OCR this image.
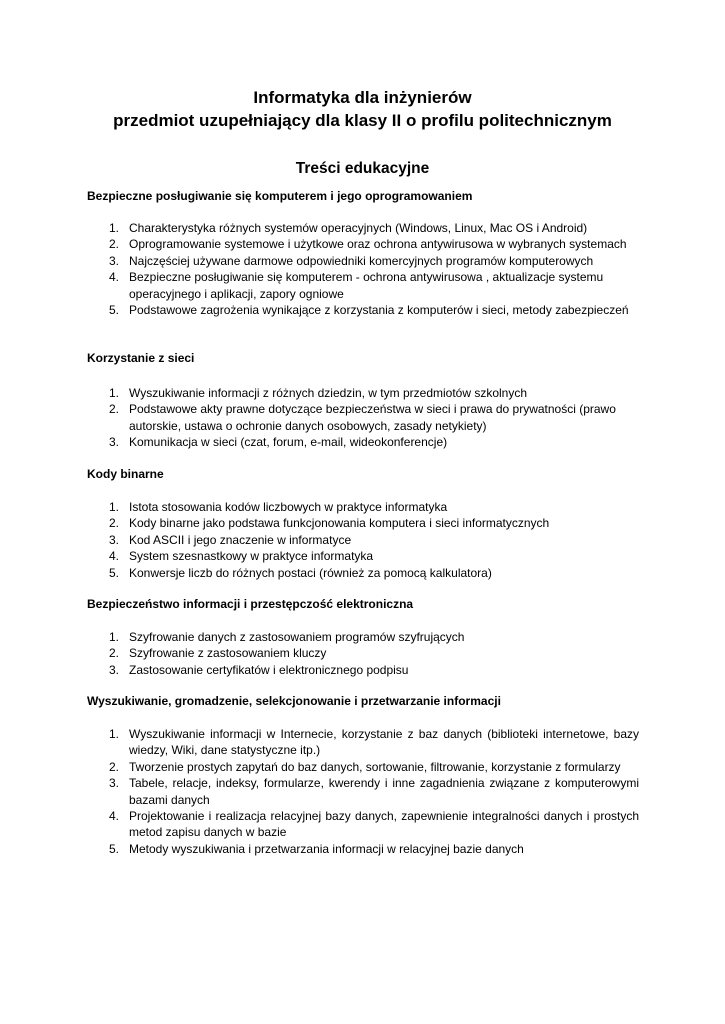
Informatyka dla inżynierów
przedmiot uzupełniający dla klasy II o profilu politechnicznym
Treści edukacyjne

Bezpieczne posługiwanie się komputerem i jego oprogramowaniem

1. Charakterystyka różnych systemów operacyjnych (Windows, Linux, Mac OS i Android)
2. Oprogramowanie systemowe i użytkowe oraz ochrona antywirusowa w wybranych systemach
3. Najczęściej używane darmowe odpowiedniki komercyjnych programów komputerowych
4. Bezpieczne posługiwanie się komputerem - ochrona antywirusowa , aktualizacje systemu operacyjnego i aplikacji, zapory ogniowe
5. Podstawowe zagrożenia wynikające z korzystania z komputerów i sieci, metody zabezpieczeń

Korzystanie z sieci

1. Wyszukiwanie informacji z różnych dziedzin, w tym przedmiotów szkolnych
2. Podstawowe akty prawne dotyczące bezpieczeństwa w sieci i prawa do prywatności (prawo autorskie, ustawa o ochronie danych osobowych, zasady netykiety)
3. Komunikacja w sieci (czat, forum, e-mail, wideokonferencje)

Kody binarne

1. Istota stosowania kodów liczbowych w praktyce informatyka
2. Kody binarne jako podstawa funkcjonowania komputera i sieci informatycznych
3. Kod ASCII i jego znaczenie w informatyce
4. System szesnastkowy w praktyce informatyka
5. Konwersje liczb do różnych postaci (również za pomocą kalkulatora)

Bezpieczeństwo informacji i przestępczość elektroniczna

1. Szyfrowanie danych z zastosowaniem programów szyfrujących
2. Szyfrowanie z zastosowaniem kluczy
3. Zastosowanie certyfikatów i elektronicznego podpisu

Wyszukiwanie, gromadzenie, selekcjonowanie i przetwarzanie informacji

1. Wyszukiwanie informacji w Internecie, korzystanie z baz danych (biblioteki internetowe, bazy wiedzy, Wiki, dane statystyczne itp.)
2. Tworzenie prostych zapytań do baz danych, sortowanie, filtrowanie, korzystanie z formularzy
3. Tabele, relacje, indeksy, formularze, kwerendy i inne zagadnienia związane z komputerowymi bazami danych
4. Projektowanie i realizacja relacyjnej bazy danych, zapewnienie integralności danych i prostych metod zapisu danych w bazie
5. Metody wyszukiwania i przetwarzania informacji w relacyjnej bazie danych
